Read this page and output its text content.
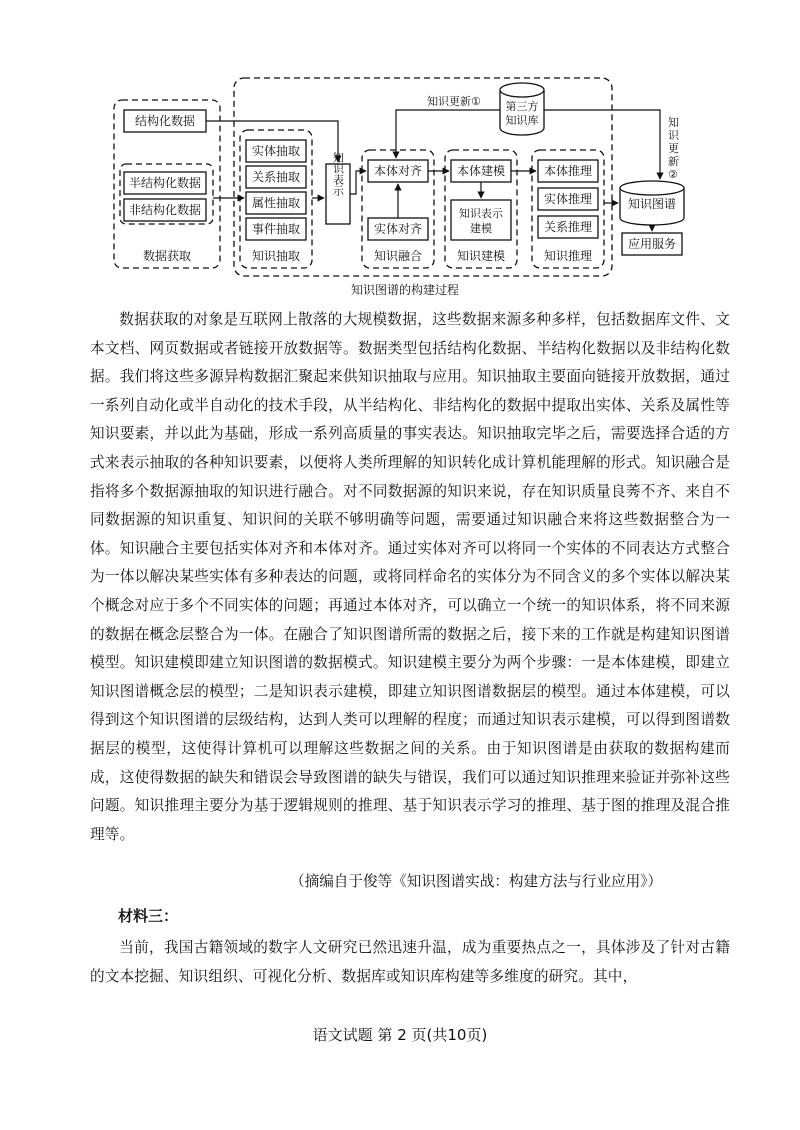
结构化数据
半结构化数据
非结构化数据
数据获取
实体抽取
关系抽取
属性抽取
事件抽取
知识抽取
知识表示 本体对齐
实体对齐
知识融合
本体建模
知识表示
建模
知识建模
本体推理
实体推理
关系推理
知识推理
第三方
知识库
知识更新①
知
识
更
新
②
知识图谱
应用服务
知识图谱的构建过程

数据获取的对象是互联网上散落的大规模数据，这些数据来源多种多样，包括数据库文件、文本文档、网页数据或者链接开放数据等。数据类型包括结构化数据、半结构化数据以及非结构化数据。我们将这些多源异构数据汇聚起来供知识抽取与应用。知识抽取主要面向链接开放数据，通过一系列自动化或半自动化的技术手段，从半结构化、非结构化的数据中提取出实体、关系及属性等知识要素，并以此为基础，形成一系列高质量的事实表达。知识抽取完毕之后，需要选择合适的方式来表示抽取的各种知识要素，以便将人类所理解的知识转化成计算机能理解的形式。知识融合是指将多个数据源抽取的知识进行融合。对不同数据源的知识来说，存在知识质量良莠不齐、来自不同数据源的知识重复、知识间的关联不够明确等问题，需要通过知识融合来将这些数据整合为一体。知识融合主要包括实体对齐和本体对齐。通过实体对齐可以将同一个实体的不同表达方式整合为一体以解决某些实体有多种表达的问题，或将同样命名的实体分为不同含义的多个实体以解决某个概念对应于多个不同实体的问题；再通过本体对齐，可以确立一个统一的知识体系，将不同来源的数据在概念层整合为一体。在融合了知识图谱所需的数据之后，接下来的工作就是构建知识图谱模型。知识建模即建立知识图谱的数据模式。知识建模主要分为两个步骤：一是本体建模，即建立知识图谱概念层的模型；二是知识表示建模，即建立知识图谱数据层的模型。通过本体建模，可以得到这个知识图谱的层级结构，达到人类可以理解的程度；而通过知识表示建模，可以得到图谱数据层的模型，这使得计算机可以理解这些数据之间的关系。由于知识图谱是由获取的数据构建而成，这使得数据的缺失和错误会导致图谱的缺失与错误，我们可以通过知识推理来验证并弥补这些问题。知识推理主要分为基于逻辑规则的推理、基于知识表示学习的推理、基于图的推理及混合推理等。

（摘编自于俊等《知识图谱实战：构建方法与行业应用》）
材料三：

当前，我国古籍领域的数字人文研究已然迅速升温，成为重要热点之一，具体涉及了针对古籍的文本挖掘、知识组织、可视化分析、数据库或知识库构建等多维度的研究。其中，

语文试题 第 2 页(共10页)
